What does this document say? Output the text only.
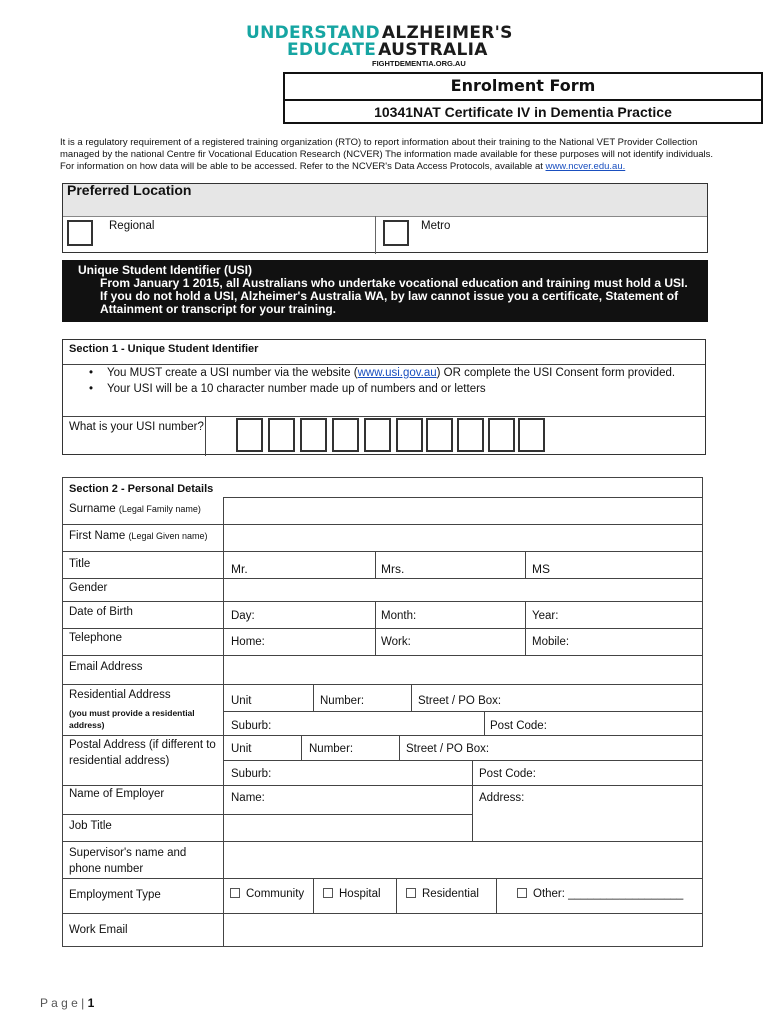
UNDERSTAND ALZHEIMER'S
EDUCATE AUSTRALIA
FIGHTDEMENTIA.ORG.AU
Enrolment Form
10341NAT Certificate IV in Dementia Practice
It is a regulatory requirement of a registered training organization (RTO) to report information about their training to the National VET Provider Collection
managed by the national Centre fir Vocational Education Research (NCVER) The information made available for these purposes will not identify individuals.
For information on how data will be able to be accessed. Refer to the NCVER's Data Access Protocols, available at www.ncver.edu.au.
Preferred Location
Regional	Metro
Unique Student Identifier (USI)
From January 1 2015, all Australians who undertake vocational education and training must hold a USI.
If you do not hold a USI, Alzheimer's Australia WA, by law cannot issue you a certificate, Statement of
Attainment or transcript for your training.
Section 1 - Unique Student Identifier
• You MUST create a USI number via the website (www.usi.gov.au) OR complete the USI Consent form provided.
• Your USI will be a 10 character number made up of numbers and or letters
What is your USI number?
Section 2 - Personal Details
Surname (Legal Family name)
First Name (Legal Given name)
Title	Mr.	Mrs.	MS
Gender
Date of Birth	Day:	Month:	Year:
Telephone	Home:	Work:	Mobile:
Email Address
Residential Address
(you must provide a residential
address)
Unit	Number:	Street / PO Box:
Suburb:	Post Code:
Postal Address (if different to
residential address)
Unit	Number:	Street / PO Box:
Suburb:	Post Code:
Name of Employer	Name:	Address:
Job Title
Supervisor's name and
phone number
Employment Type	Community	Hospital	Residential	Other: __________________
Work Email
P a g e | 1
